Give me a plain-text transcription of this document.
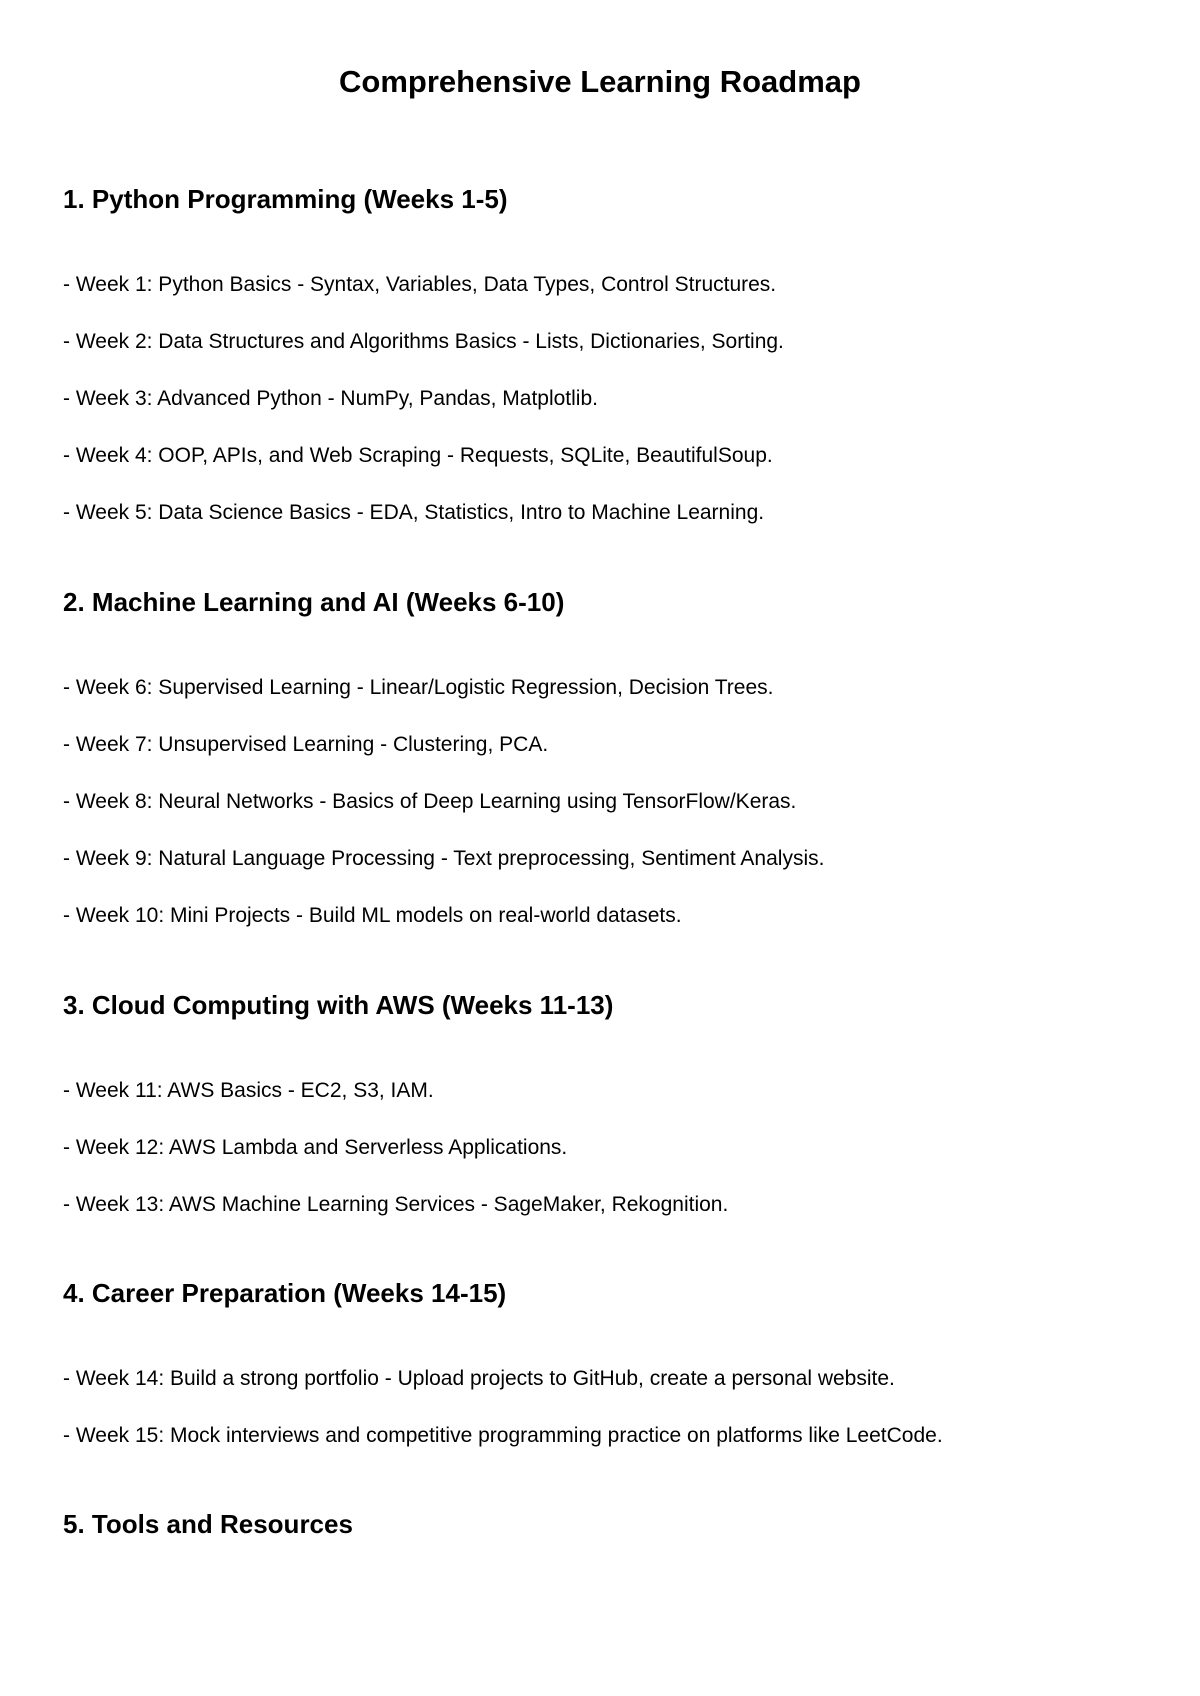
Comprehensive Learning Roadmap
1. Python Programming (Weeks 1-5)

- Week 1: Python Basics - Syntax, Variables, Data Types, Control Structures.

- Week 2: Data Structures and Algorithms Basics - Lists, Dictionaries, Sorting.

- Week 3: Advanced Python - NumPy, Pandas, Matplotlib.

- Week 4: OOP, APIs, and Web Scraping - Requests, SQLite, BeautifulSoup.

- Week 5: Data Science Basics - EDA, Statistics, Intro to Machine Learning.

2. Machine Learning and AI (Weeks 6-10)

- Week 6: Supervised Learning - Linear/Logistic Regression, Decision Trees.

- Week 7: Unsupervised Learning - Clustering, PCA.

- Week 8: Neural Networks - Basics of Deep Learning using TensorFlow/Keras.

- Week 9: Natural Language Processing - Text preprocessing, Sentiment Analysis.

- Week 10: Mini Projects - Build ML models on real-world datasets.

3. Cloud Computing with AWS (Weeks 11-13)

- Week 11: AWS Basics - EC2, S3, IAM.

- Week 12: AWS Lambda and Serverless Applications.

- Week 13: AWS Machine Learning Services - SageMaker, Rekognition.

4. Career Preparation (Weeks 14-15)

- Week 14: Build a strong portfolio - Upload projects to GitHub, create a personal website.

- Week 15: Mock interviews and competitive programming practice on platforms like LeetCode.

5. Tools and Resources
